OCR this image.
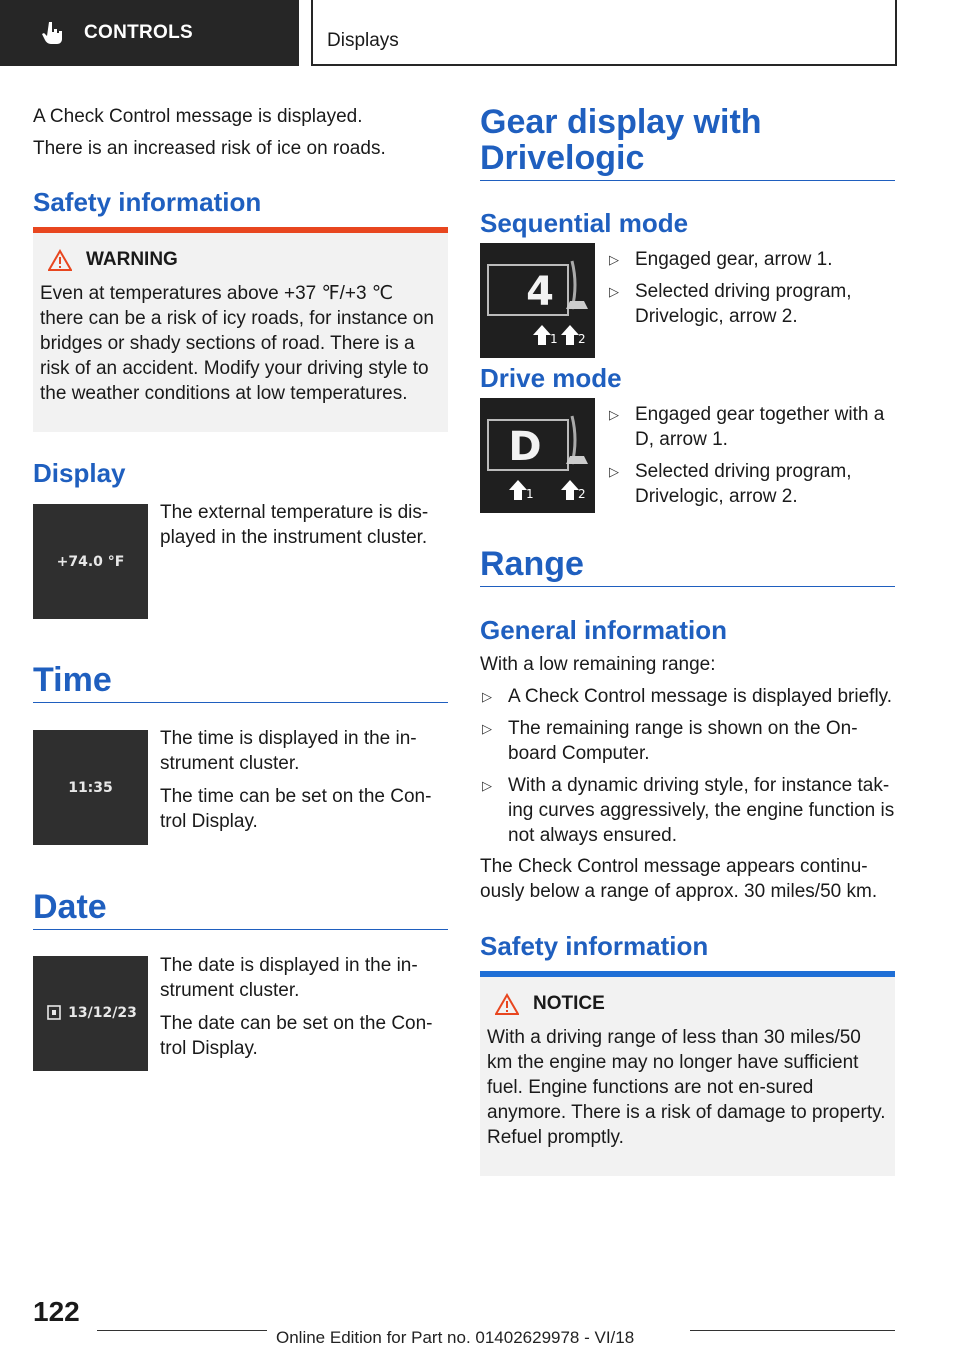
CONTROLS	Displays

A Check Control message is displayed.

There is an increased risk of ice on roads.

Safety information
WARNING
Even at temperatures above +37 ℉/+3 ℃ there can be a risk of icy roads, for instance on bridges or shady sections of road. There is a risk of an accident. Modify your driving style to the weather conditions at low temperatures.
Display
+74.0 °F

The external temperature is dis-played in the instrument cluster.

Time
11:35

The time is displayed in the in-strument cluster.

The time can be set on the Con-trol Display.

Date
13/12/23

The date is displayed in the in-strument cluster.

The date can be set on the Con-trol Display.

Gear display with Drivelogic
Sequential mode
4
1 2
▷ Engaged gear, arrow 1.
▷ Selected driving program, Drivelogic, arrow 2.
Drive mode
D
1	2
▷ Engaged gear together with a D, arrow 1.
▷ Selected driving program, Drivelogic, arrow 2.
Range
General information

With a low remaining range:

▷ A Check Control message is displayed briefly.
▷ The remaining range is shown on the On-board Computer.
▷ With a dynamic driving style, for instance tak-ing curves aggressively, the engine function is not always ensured.

The Check Control message appears continu-ously below a range of approx. 30 miles/50 km.

Safety information
NOTICE
With a driving range of less than 30 miles/50 km the engine may no longer have sufficient fuel. Engine functions are not en-sured anymore. There is a risk of damage to property. Refuel promptly.
122
Online Edition for Part no. 01402629978 - VI/18
